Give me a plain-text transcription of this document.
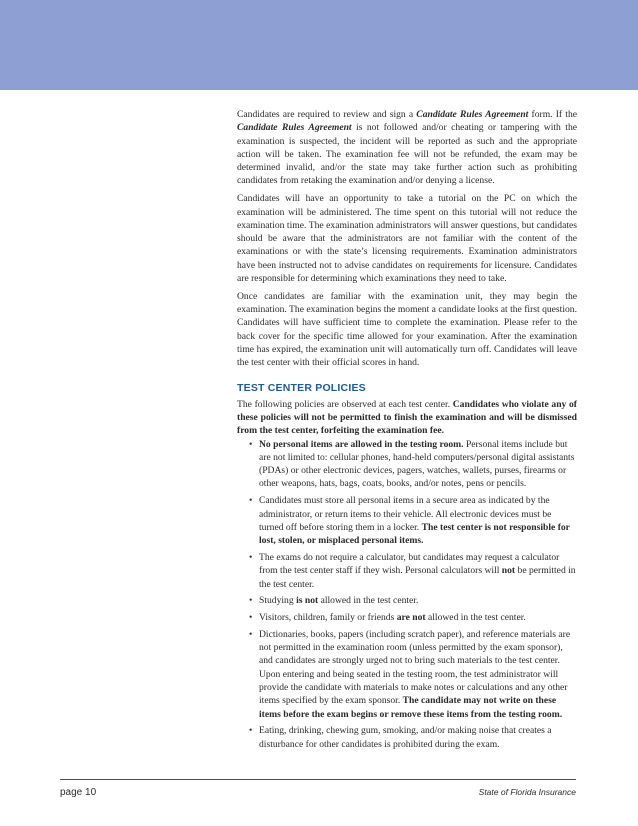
Candidates are required to review and sign a Candidate Rules Agreement form. If the Candidate Rules Agreement is not followed and/or cheating or tampering with the examination is suspected, the incident will be reported as such and the appropriate action will be taken. The examination fee will not be refunded, the exam may be determined invalid, and/or the state may take further action such as prohibiting candidates from retaking the examination and/or denying a license.

Candidates will have an opportunity to take a tutorial on the PC on which the examination will be administered. The time spent on this tutorial will not reduce the examination time. The examination administrators will answer questions, but candidates should be aware that the administrators are not familiar with the content of the examinations or with the state’s licensing requirements. Examination administrators have been instructed not to advise candidates on requirements for licensure. Candidates are responsible for determining which examinations they need to take.

Once candidates are familiar with the examination unit, they may begin the examination. The examination begins the moment a candidate looks at the first question. Candidates will have sufficient time to complete the examination. Please refer to the back cover for the specific time allowed for your examination. After the examination time has expired, the examination unit will automatically turn off. Candidates will leave the test center with their official scores in hand.

TEST CENTER POLICIES

The following policies are observed at each test center. Candidates who violate any of these policies will not be permitted to finish the examination and will be dismissed from the test center, forfeiting the examination fee.

• No personal items are allowed in the testing room. Personal items include but are not limited to: cellular phones, hand-held computers/personal digital assistants (PDAs) or other electronic devices, pagers, watches, wallets, purses, firearms or other weapons, hats, bags, coats, books, and/or notes, pens or pencils.
• Candidates must store all personal items in a secure area as indicated by the administrator, or return items to their vehicle. All electronic devices must be turned off before storing them in a locker. The test center is not responsible for lost, stolen, or misplaced personal items.
• The exams do not require a calculator, but candidates may request a calculator from the test center staff if they wish. Personal calculators will not be permitted in the test center.
• Studying is not allowed in the test center.
• Visitors, children, family or friends are not allowed in the test center.
• Dictionaries, books, papers (including scratch paper), and reference materials are not permitted in the examination room (unless permitted by the exam sponsor), and candidates are strongly urged not to bring such materials to the test center. Upon entering and being seated in the testing room, the test administrator will provide the candidate with materials to make notes or calculations and any other items specified by the exam sponsor. The candidate may not write on these items before the exam begins or remove these items from the testing room.
• Eating, drinking, chewing gum, smoking, and/or making noise that creates a disturbance for other candidates is prohibited during the exam.
page 10	State of Florida Insurance
